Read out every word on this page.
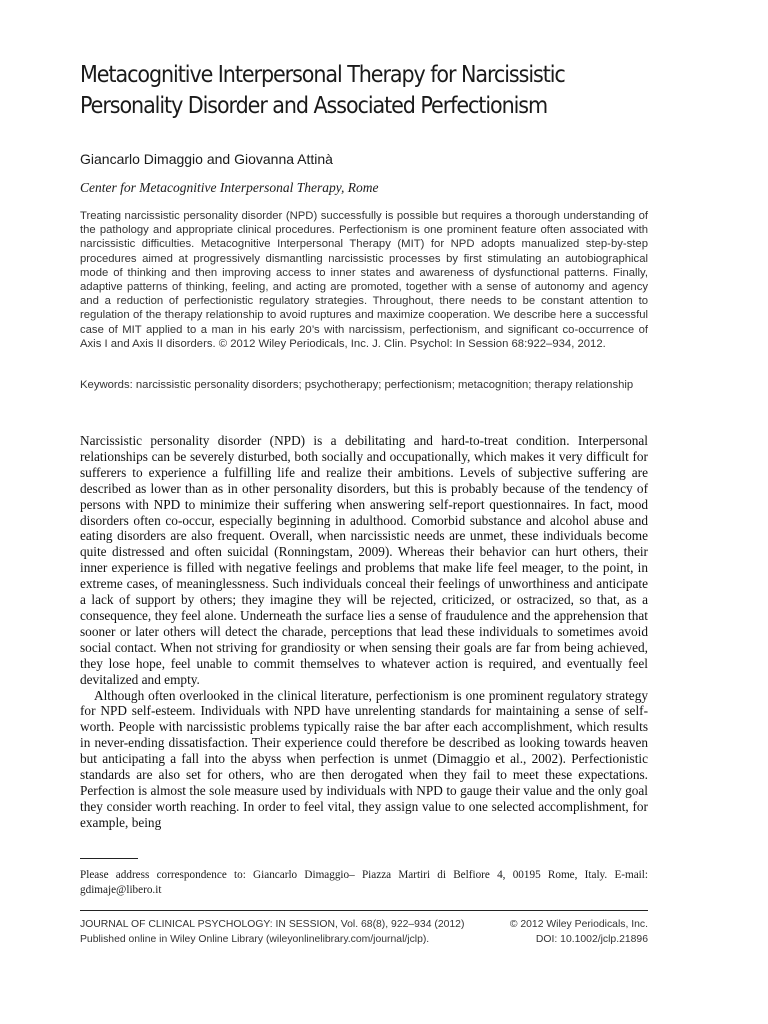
Metacognitive Interpersonal Therapy for Narcissistic Personality Disorder and Associated Perfectionism
Giancarlo Dimaggio and Giovanna Attinà
Center for Metacognitive Interpersonal Therapy, Rome

Treating narcissistic personality disorder (NPD) successfully is possible but requires a thorough understanding of the pathology and appropriate clinical procedures. Perfectionism is one prominent feature often associated with narcissistic difficulties. Metacognitive Interpersonal Therapy (MIT) for NPD adopts manualized step-by-step procedures aimed at progressively dismantling narcissistic processes by first stimulating an autobiographical mode of thinking and then improving access to inner states and awareness of dysfunctional patterns. Finally, adaptive patterns of thinking, feeling, and acting are promoted, together with a sense of autonomy and agency and a reduction of perfectionistic regulatory strategies. Throughout, there needs to be constant attention to regulation of the therapy relationship to avoid ruptures and maximize cooperation. We describe here a successful case of MIT applied to a man in his early 20’s with narcissism, perfectionism, and significant co-occurrence of Axis I and Axis II disorders. © 2012 Wiley Periodicals, Inc. J. Clin. Psychol: In Session 68:922–934, 2012.

Keywords: narcissistic personality disorders; psychotherapy; perfectionism; metacognition; therapy relationship

Narcissistic personality disorder (NPD) is a debilitating and hard-to-treat condition. Interpersonal relationships can be severely disturbed, both socially and occupationally, which makes it very difficult for sufferers to experience a fulfilling life and realize their ambitions. Levels of subjective suffering are described as lower than as in other personality disorders, but this is probably because of the tendency of persons with NPD to minimize their suffering when answering self-report questionnaires. In fact, mood disorders often co-occur, especially beginning in adulthood. Comorbid substance and alcohol abuse and eating disorders are also frequent. Overall, when narcissistic needs are unmet, these individuals become quite distressed and often suicidal (Ronningstam, 2009). Whereas their behavior can hurt others, their inner experience is filled with negative feelings and problems that make life feel meager, to the point, in extreme cases, of meaninglessness. Such individuals conceal their feelings of unworthiness and anticipate a lack of support by others; they imagine they will be rejected, criticized, or ostracized, so that, as a consequence, they feel alone. Underneath the surface lies a sense of fraudulence and the apprehension that sooner or later others will detect the charade, perceptions that lead these individuals to sometimes avoid social contact. When not striving for grandiosity or when sensing their goals are far from being achieved, they lose hope, feel unable to commit themselves to whatever action is required, and eventually feel devitalized and empty.

Although often overlooked in the clinical literature, perfectionism is one prominent regulatory strategy for NPD self-esteem. Individuals with NPD have unrelenting standards for maintaining a sense of self-worth. People with narcissistic problems typically raise the bar after each accomplishment, which results in never-ending dissatisfaction. Their experience could therefore be described as looking towards heaven but anticipating a fall into the abyss when perfection is unmet (Dimaggio et al., 2002). Perfectionistic standards are also set for others, who are then derogated when they fail to meet these expectations. Perfection is almost the sole measure used by individuals with NPD to gauge their value and the only goal they consider worth reaching. In order to feel vital, they assign value to one selected accomplishment, for example, being

Please address correspondence to: Giancarlo Dimaggio– Piazza Martiri di Belfiore 4, 00195 Rome, Italy. E-mail: gdimaje@libero.it

JOURNAL OF CLINICAL PSYCHOLOGY: IN SESSION, Vol. 68(8), 922–934 (2012)	© 2012 Wiley Periodicals, Inc.
Published online in Wiley Online Library (wileyonlinelibrary.com/journal/jclp).	DOI: 10.1002/jclp.21896
